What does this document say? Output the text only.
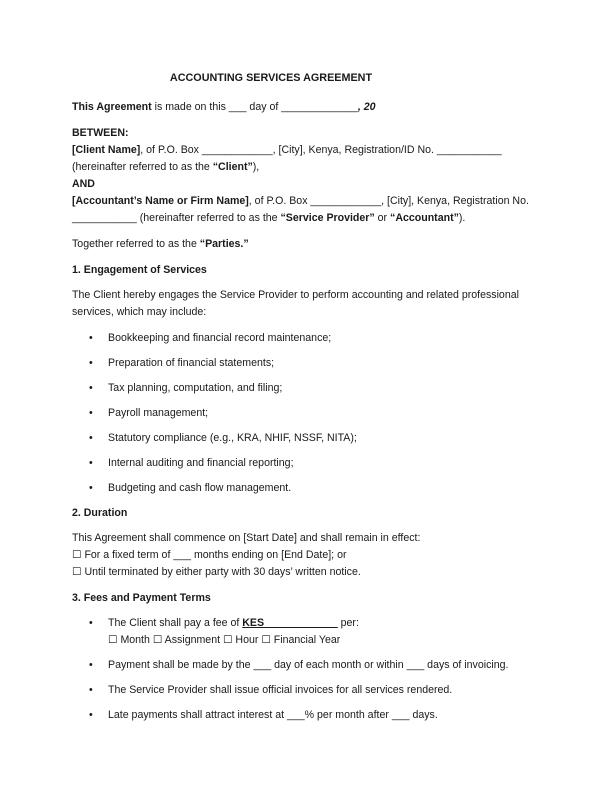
ACCOUNTING SERVICES AGREEMENT

This Agreement is made on this ___ day of _____________, 20

BETWEEN:

[Client Name], of P.O. Box ____________, [City], Kenya, Registration/ID No. ___________

(hereinafter referred to as the “Client”),

AND

[Accountant’s Name or Firm Name], of P.O. Box ____________, [City], Kenya, Registration No.

___________ (hereinafter referred to as the “Service Provider” or “Accountant”).

Together referred to as the “Parties.”

1. Engagement of Services

The Client hereby engages the Service Provider to perform accounting and related professional services, which may include:

• Bookkeeping and financial record maintenance;
• Preparation of financial statements;
• Tax planning, computation, and filing;
• Payroll management;
• Statutory compliance (e.g., KRA, NHIF, NSSF, NITA);
• Internal auditing and financial reporting;
• Budgeting and cash flow management.

2. Duration

This Agreement shall commence on [Start Date] and shall remain in effect:

☐ For a fixed term of ___ months ending on [End Date]; or

☐ Until terminated by either party with 30 days’ written notice.

3. Fees and Payment Terms

• The Client shall pay a fee of KES ____________ per:
☐ Month ☐ Assignment ☐ Hour ☐ Financial Year
• Payment shall be made by the ___ day of each month or within ___ days of invoicing.
• The Service Provider shall issue official invoices for all services rendered.
• Late payments shall attract interest at ___% per month after ___ days.
